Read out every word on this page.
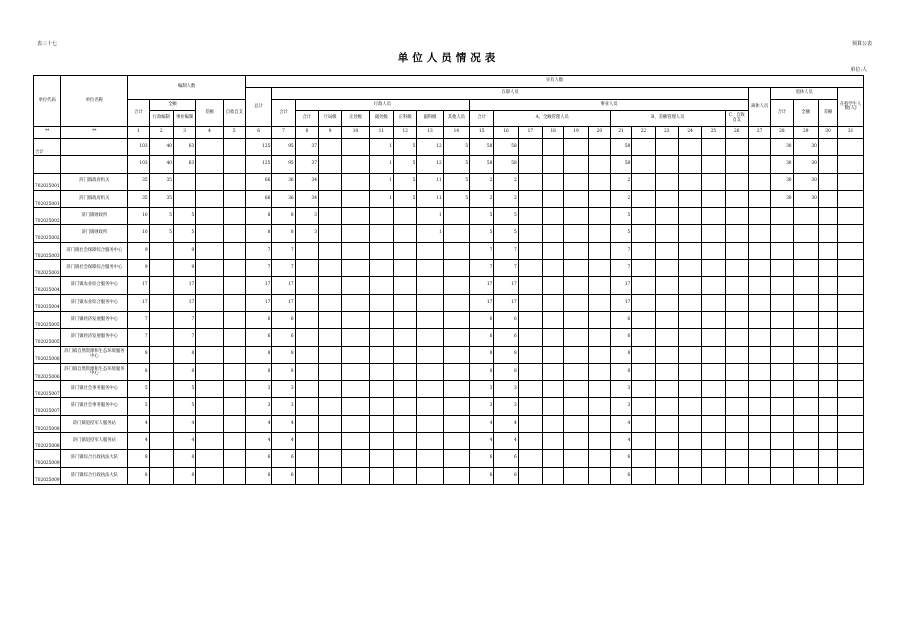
表三十七	预算公表
单位人员情况表
单位:人
单位代码	单位名称	编制人数					实有人数																									
							总计	在职人员																				离休人员	退休人员			在校学生人数(人)
		合计	全额		差额	自收自支		合计	行政人员							事业人员													合计	全额	差额	
			行政编制	事业编制					合计	厅局级	正处级	副处级	正科级	副科级	其他人员	合计	A、全额管理人员					B、差额管理人员					C、自收自支					
**	**	1	2	3	4	5	6	7	8	9	10	11	12	13	14	15	16	17	18	19	20	21	22	23	24	25	26	27	28	29	30	31
合计		103	40	63			125	95	37			1	5	12	5	58	58					58							30	30		
		103	40	63			125	95	37			1	5	12	5	58	58					58							30	30		
702025001	浒门镇政府机关	35	35				66	36	34			1	5	11	5	2	2					2							30	30		
702025001	浒门镇政府机关	35	35				66	36	34			1	5	11	5	2	2					2							30	30		
702025002	浒门镇财政所	10	5	5			8	8	3					1		5	5					5										
702025002	浒门镇财政所	10	5	5			8	8	3					1		5	5					5										
702025003	浒门镇社会保障综合服务中心	9		9			7	7								7	7					7										
702025003	浒门镇社会保障综合服务中心	9		9			7	7								7	7					7										
702025004	浒门镇农业综合服务中心	17		17			17	17								17	17					17										
702025004	浒门镇农业综合服务中心	17		17			17	17								17	17					17										
702025005	浒门镇经济发展服务中心	7		7			6	6								6	6					6										
702025005	浒门镇经济发展服务中心	7		7			6	6								6	6					6										
702025006	浒门镇自然资源和生态环境服务中心	8		8			8	8								8	8					8										
702025006	浒门镇自然资源和生态环境服务中心	8		8			8	8								8	8					8										
702025007	浒门镇社会事务服务中心	5		5			3	3								3	3					3										
702025007	浒门镇社会事务服务中心	5		5			3	3								3	3					3										
702025008	浒门镇退役军人服务站	4		4			4	4								4	4					4										
702025008	浒门镇退役军人服务站	4		4			4	4								4	4					4										
702025009	浒门镇综合行政执法大队	8		8			6	6								6	6					6										
702025009	浒门镇综合行政执法大队	8		8			6	6								6	6					6										
